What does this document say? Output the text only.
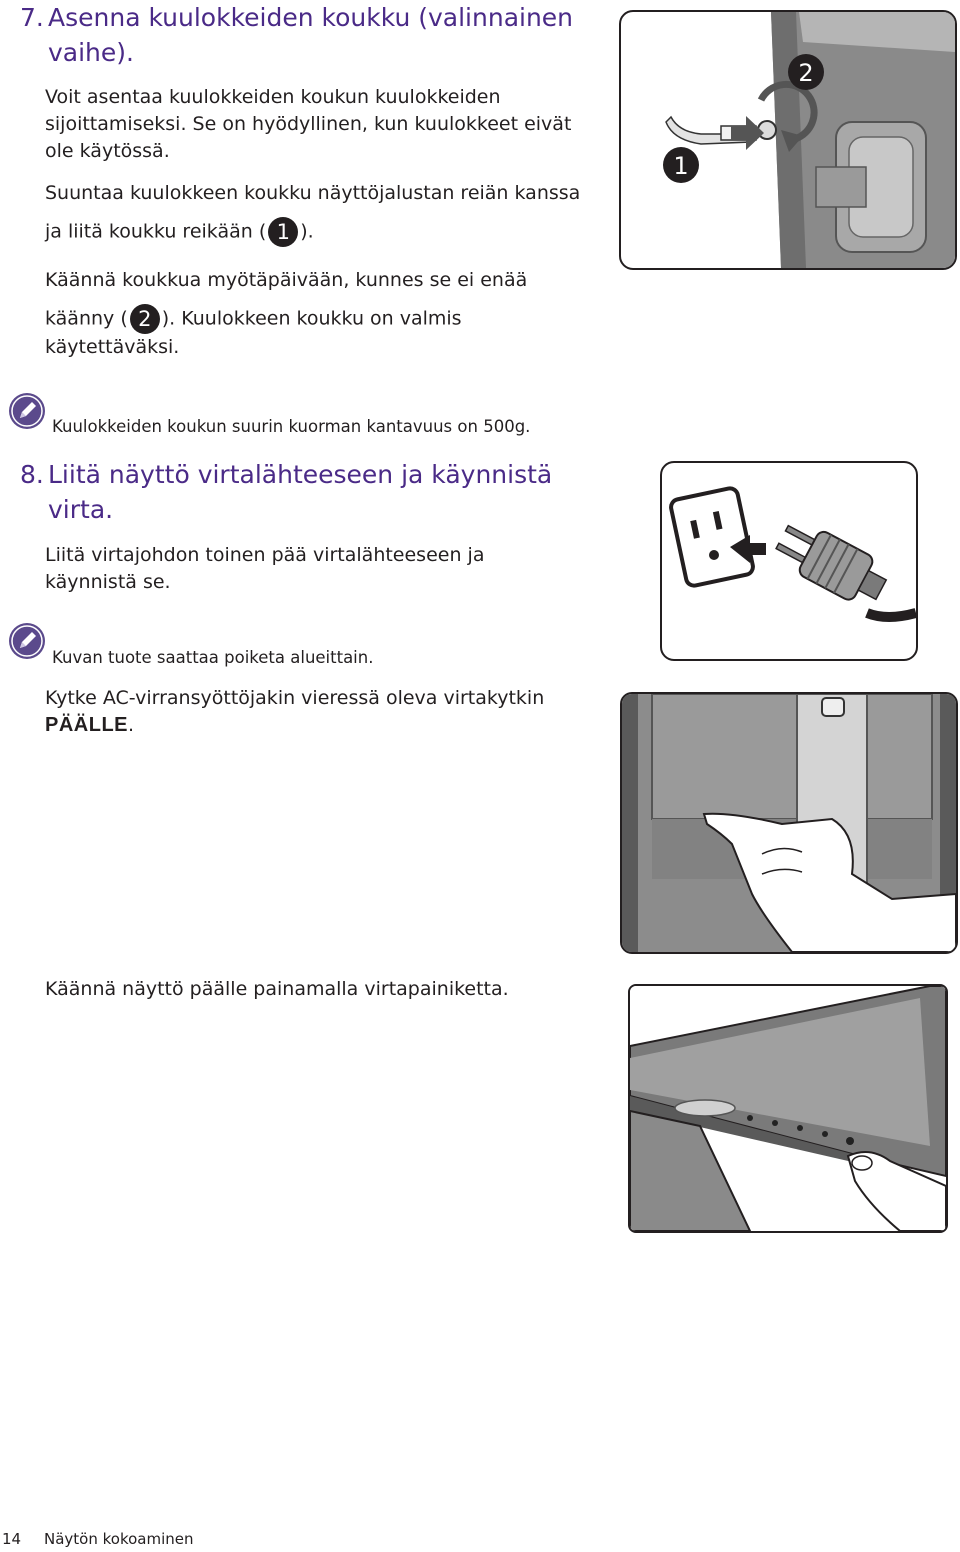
7. Asenna kuulokkeiden koukku (valinnainen
vaihe).
Voit asentaa kuulokkeiden koukun kuulokkeiden
sijoittamiseksi. Se on hyödyllinen, kun kuulokkeet eivät
ole käytössä.
Suuntaa kuulokkeen koukku näyttöjalustan reiän kanssa
ja liitä koukku reikään ( 1 ).
Käännä koukkua myötäpäivään, kunnes se ei enää
käänny ( 2 ). Kuulokkeen koukku on valmis
käytettäväksi.
1
2
Kuulokkeiden koukun suurin kuorman kantavuus on 500g.
8. Liitä näyttö virtalähteeseen ja käynnistä
virta.
Liitä virtajohdon toinen pää virtalähteeseen ja
käynnistä se.
Kuvan tuote saattaa poiketa alueittain.
Kytke AC-virransyöttöjakin vieressä oleva virtakytkin
PÄÄLLE.
Käännä näyttö päälle painamalla virtapainiketta.
14 Näytön kokoaminen
